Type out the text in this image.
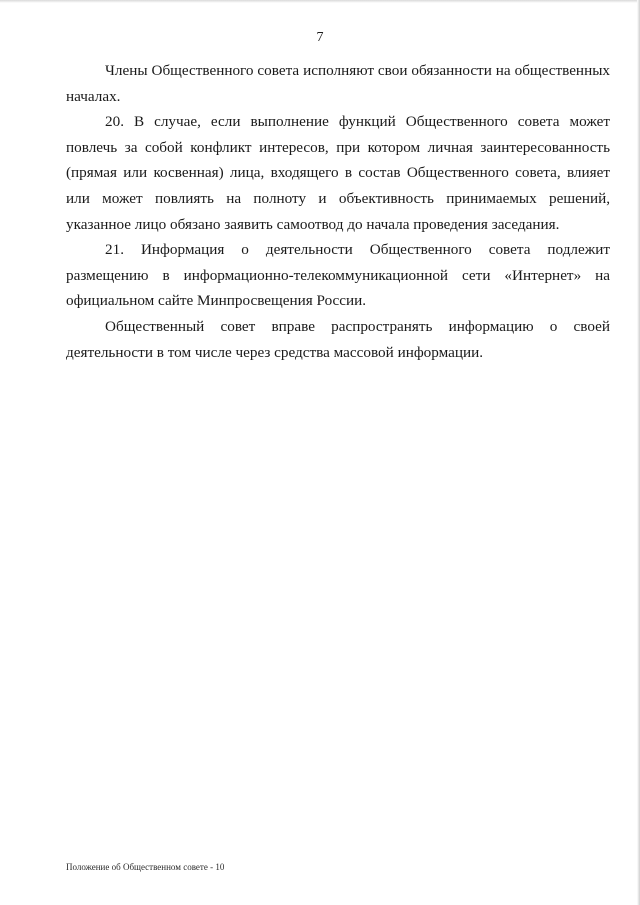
7

Члены Общественного совета исполняют свои обязанности на общественных началах.

20. В случае, если выполнение функций Общественного совета может повлечь за собой конфликт интересов, при котором личная заинтересованность (прямая или косвенная) лица, входящего в состав Общественного совета, влияет или может повлиять на полноту и объективность принимаемых решений, указанное лицо обязано заявить самоотвод до начала проведения заседания.

21. Информация о деятельности Общественного совета подлежит размещению в информационно-телекоммуникационной сети «Интернет» на официальном сайте Минпросвещения России.

Общественный совет вправе распространять информацию о своей деятельности в том числе через средства массовой информации.

Положение об Общественном совете - 10
